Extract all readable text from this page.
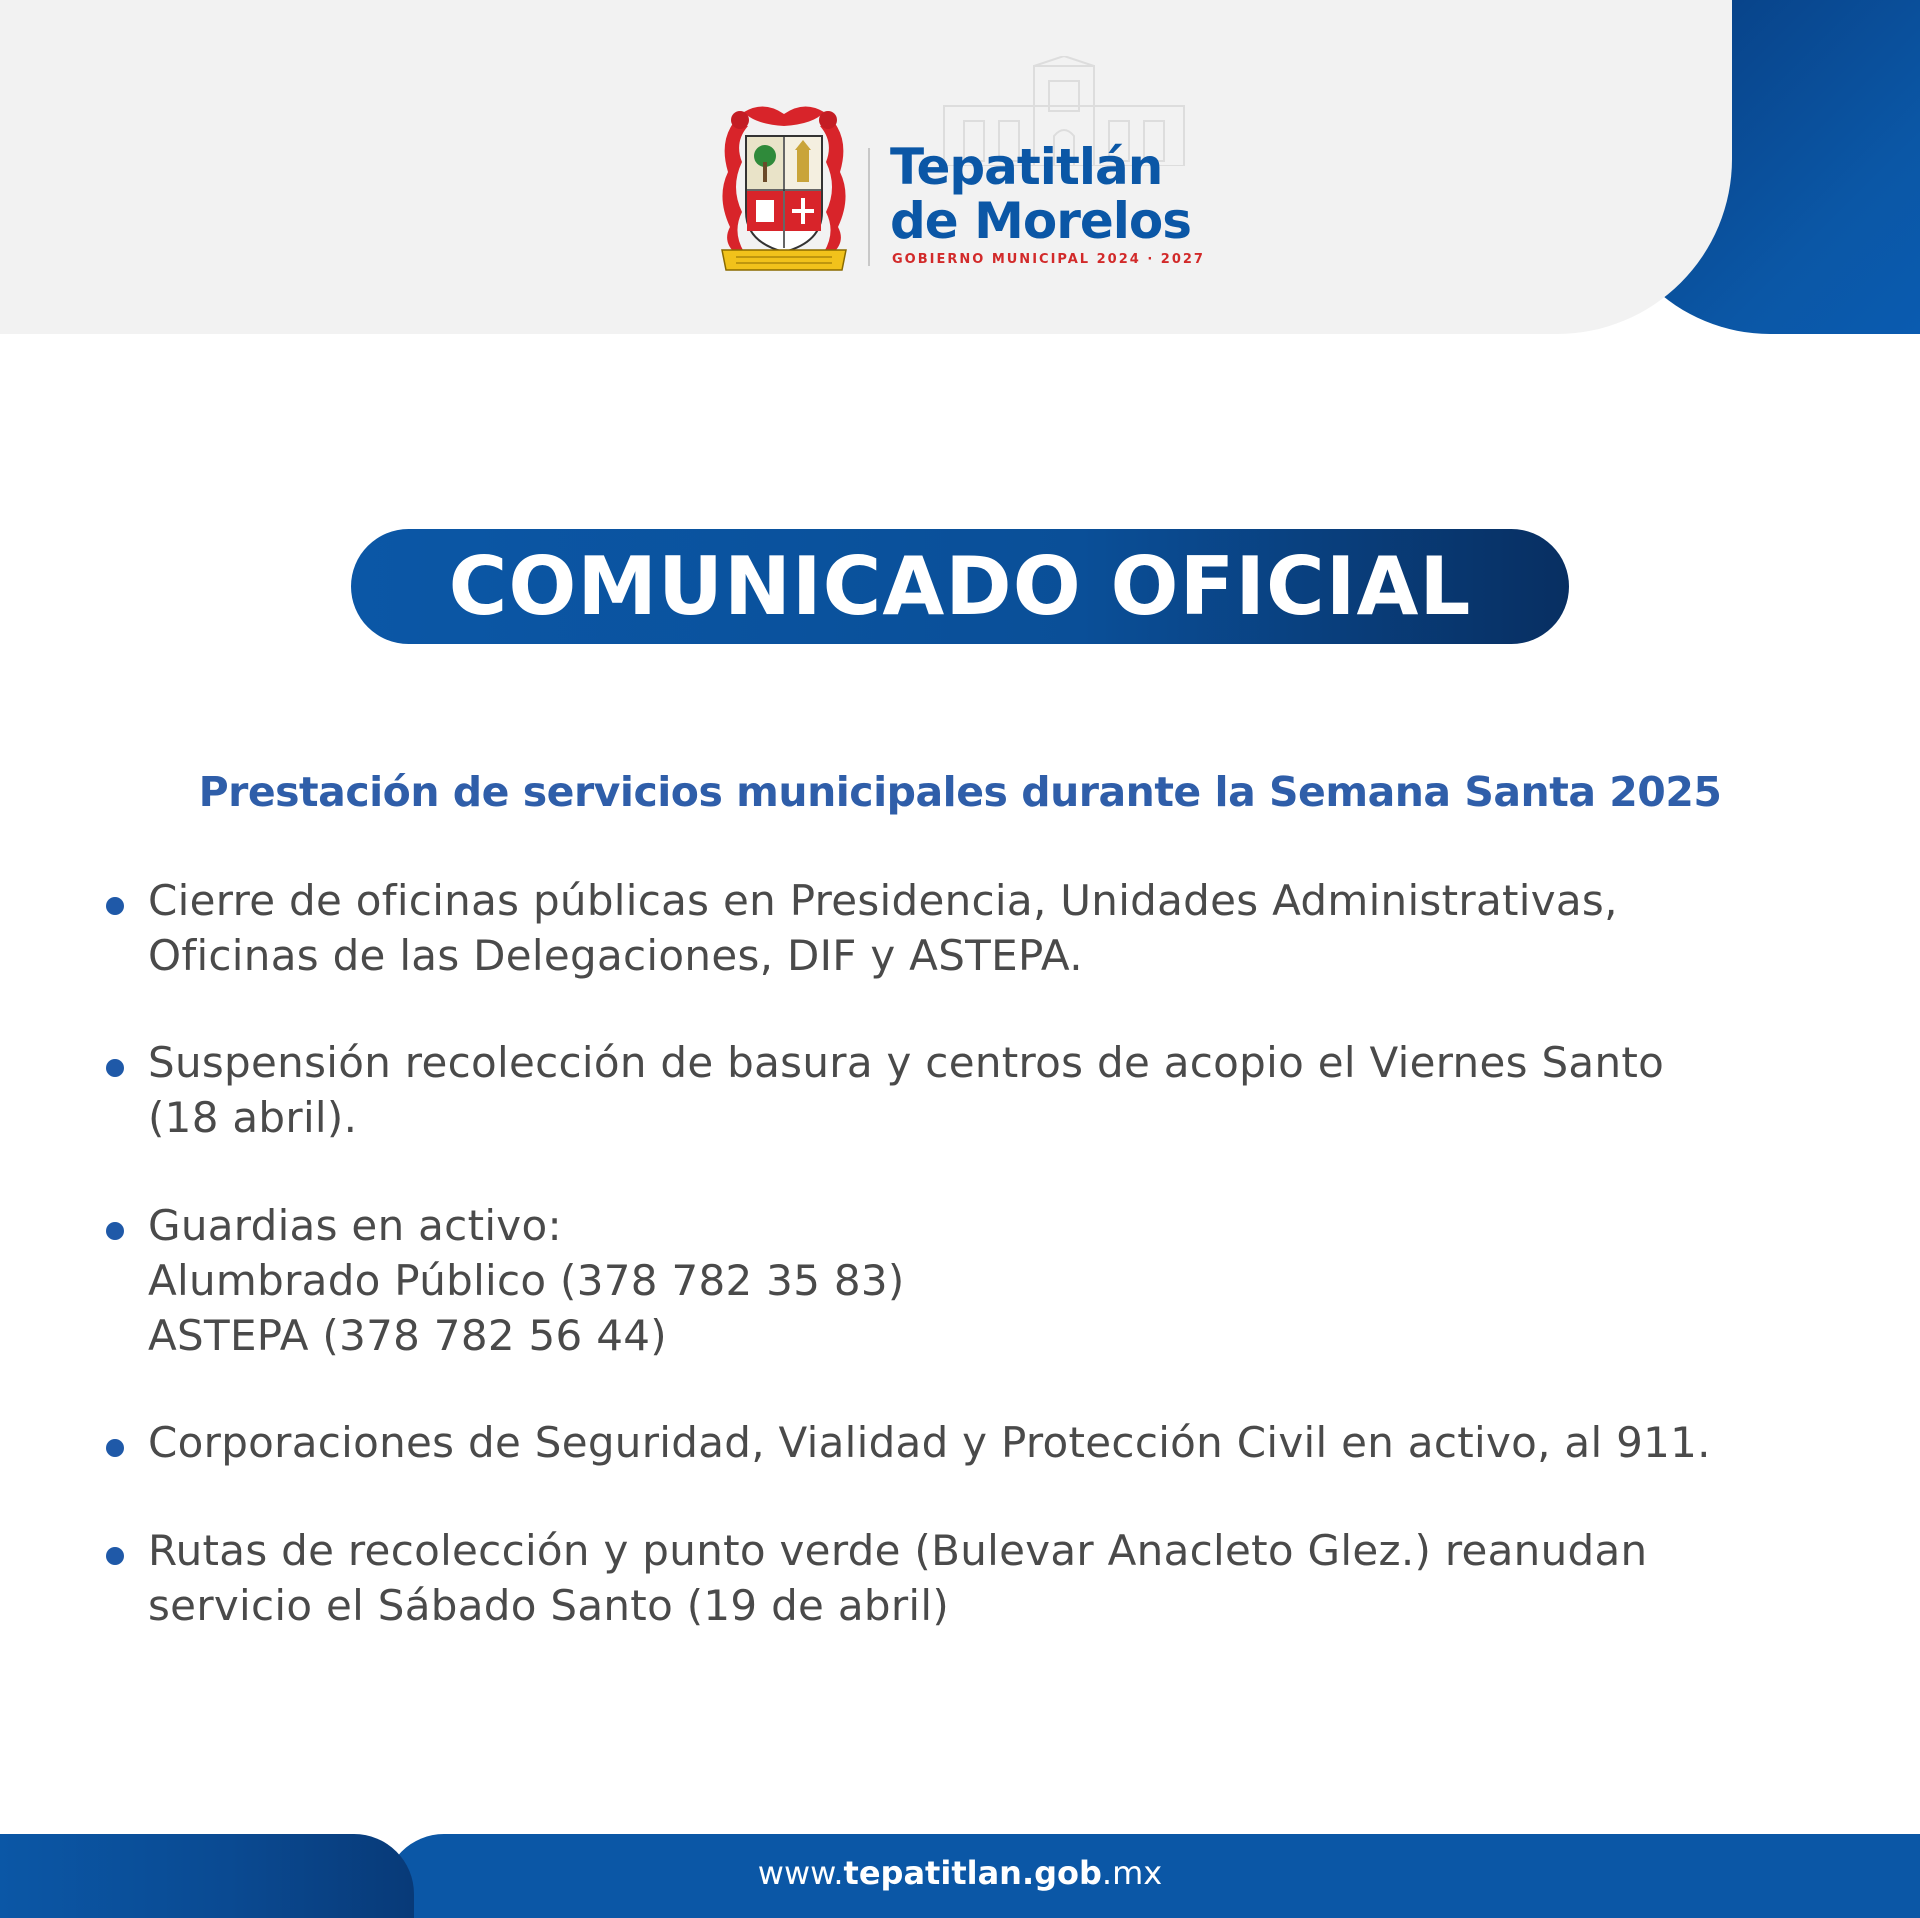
Tepatitlán

de Morelos

GOBIERNO MUNICIPAL 2024 · 2027

COMUNICADO OFICIAL

Prestación de servicios municipales durante la Semana Santa 2025

Cierre de oficinas públicas en Presidencia, Unidades Administrativas,
Oficinas de las Delegaciones, DIF y ASTEPA.
Suspensión recolección de basura y centros de acopio el Viernes Santo
(18 abril).
Guardias en activo:
Alumbrado Público (378 782 35 83)
ASTEPA (378 782 56 44)
Corporaciones de Seguridad, Vialidad y Protección Civil en activo, al 911.
Rutas de recolección y punto verde (Bulevar Anacleto Glez.) reanudan
servicio el Sábado Santo (19 de abril)
www.tepatitlan.gob.mx
